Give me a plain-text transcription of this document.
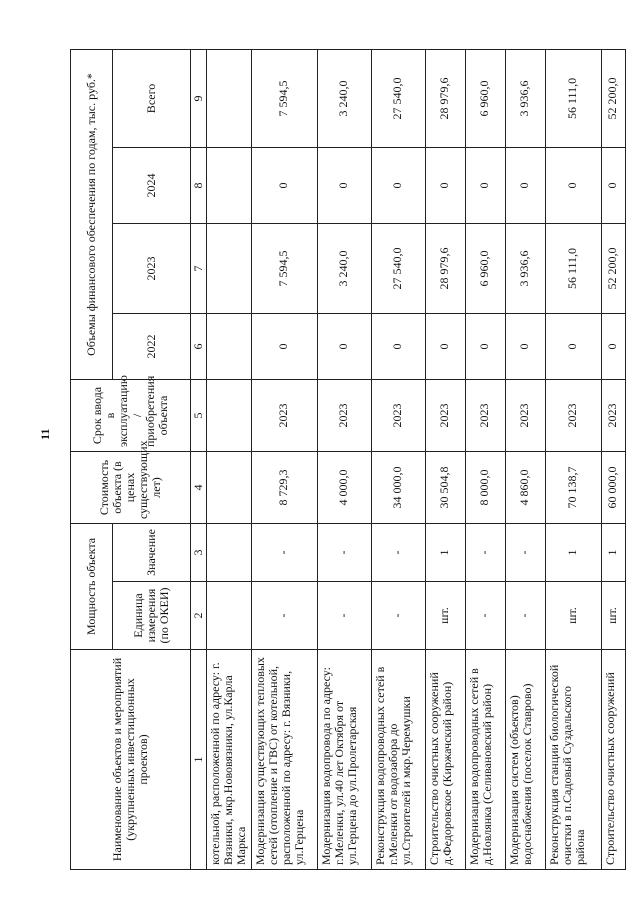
11
Наименование объектов и мероприятий (укрупненных инвестиционных проектов)	Мощность объекта		Стоимость объекта (в ценах существующих лет)	Срок ввода в эксплуатацию / приобретения объекта	Объемы финансового обеспечения по годам, тыс. руб.*			
	Единица измерения (по ОКЕИ)	Значение			2022	2023	2024	Всего
1	2	3	4	5	6	7	8	9
котельной, расположенной по адресу: г. Вязники, мкр.Нововязники, ул.Карла Маркса								
Модернизация существующих тепловых сетей (отопление и ГВС) от котельной, расположенной по адресу: г. Вязники, ул.Герцена	-	-	8 729,3	2023	0	7 594,5	0	7 594,5
Модернизация водопровода по адресу: г.Меленки, ул.40 лет Октября от ул.Герцена до ул.Пролетарская	-	-	4 000,0	2023	0	3 240,0	0	3 240,0
Реконструкция водопроводных сетей в г.Меленки от водозабора до ул.Строителей и мкр.Черемушки	-	-	34 000,0	2023	0	27 540,0	0	27 540,0
Строительство очистных сооружений д.Федоровское (Киржачский район)	шт.	1	30 504,8	2023	0	28 979,6	0	28 979,6
Модернизация водопроводных сетей в д.Новлянка (Селивановский район)	-	-	8 000,0	2023	0	6 960,0	0	6 960,0
Модернизация систем (объектов) водоснабжения (поселок Ставрово)	-	-	4 860,0	2023	0	3 936,6	0	3 936,6
Реконструкция станции биологической очистки в п.Садовый Суздальского района	шт.	1	70 138,7	2023	0	56 111,0	0	56 111,0
Строительство очистных сооружений	шт.	1	60 000,0	2023	0	52 200,0	0	52 200,0
